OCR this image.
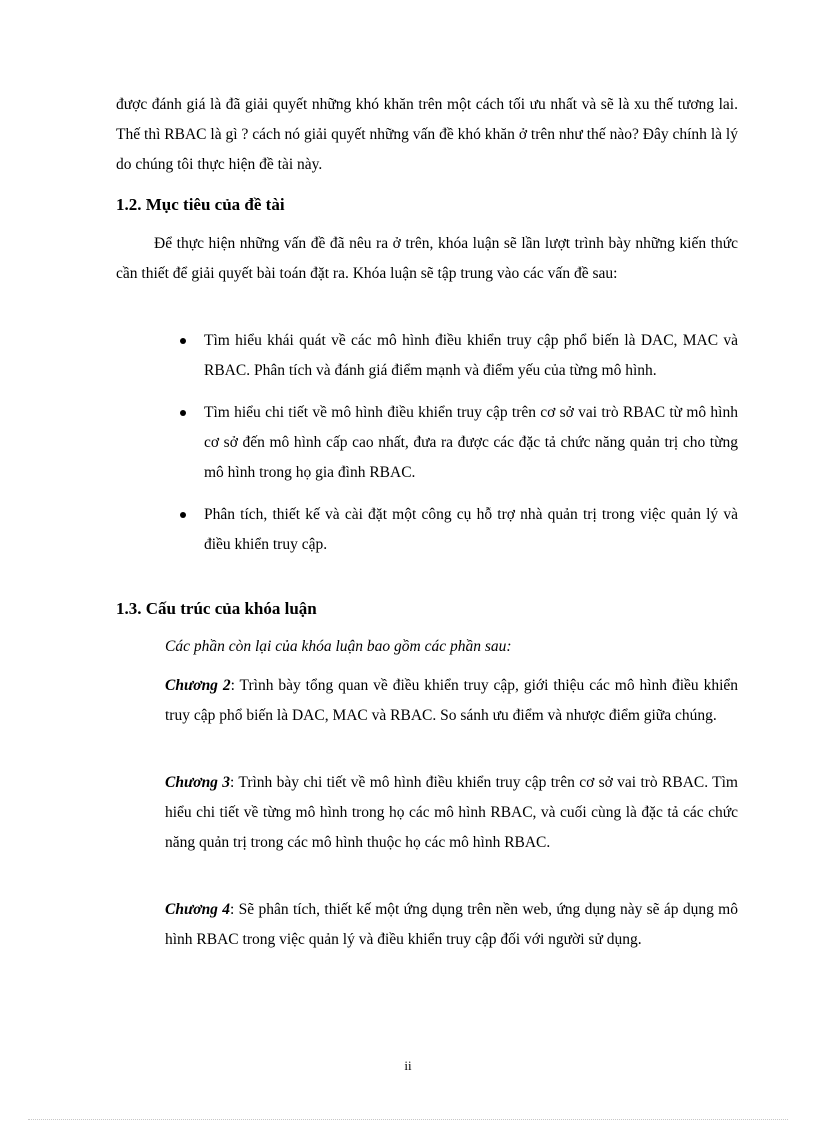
được đánh giá là đã giải quyết những khó khăn trên một cách tối ưu nhất và sẽ là xu thế tương lai. Thế thì RBAC là gì ? cách nó giải quyết những vấn đề khó khăn ở trên như thế nào? Đây chính là lý do chúng tôi thực hiện đề tài này.

1.2. Mục tiêu của đề tài

Để thực hiện những vấn đề đã nêu ra ở trên, khóa luận sẽ lần lượt trình bày những kiến thức cần thiết để giải quyết bài toán đặt ra. Khóa luận sẽ tập trung vào các vấn đề sau:

Tìm hiểu khái quát về các mô hình điều khiển truy cập phổ biến là DAC, MAC và RBAC. Phân tích và đánh giá điểm mạnh và điểm yếu của từng mô hình.
Tìm hiểu chi tiết về mô hình điều khiển truy cập trên cơ sở vai trò RBAC từ mô hình cơ sở đến mô hình cấp cao nhất, đưa ra được các đặc tả chức năng quản trị cho từng mô hình trong họ gia đình RBAC.
Phân tích, thiết kế và cài đặt một công cụ hỗ trợ nhà quản trị trong việc quản lý và điều khiển truy cập.
1.3. Cấu trúc của khóa luận

Các phần còn lại của khóa luận bao gồm các phần sau:

Chương 2: Trình bày tổng quan về điều khiển truy cập, giới thiệu các mô hình điều khiển truy cập phổ biến là DAC, MAC và RBAC. So sánh ưu điểm và nhược điểm giữa chúng.

Chương 3: Trình bày chi tiết về mô hình điều khiển truy cập trên cơ sở vai trò RBAC. Tìm hiểu chi tiết về từng mô hình trong họ các mô hình RBAC, và cuối cùng là đặc tả các chức năng quản trị trong các mô hình thuộc họ các mô hình RBAC.

Chương 4: Sẽ phân tích, thiết kế một ứng dụng trên nền web, ứng dụng này sẽ áp dụng mô hình RBAC trong việc quản lý và điều khiển truy cập đối với người sử dụng.

ii
